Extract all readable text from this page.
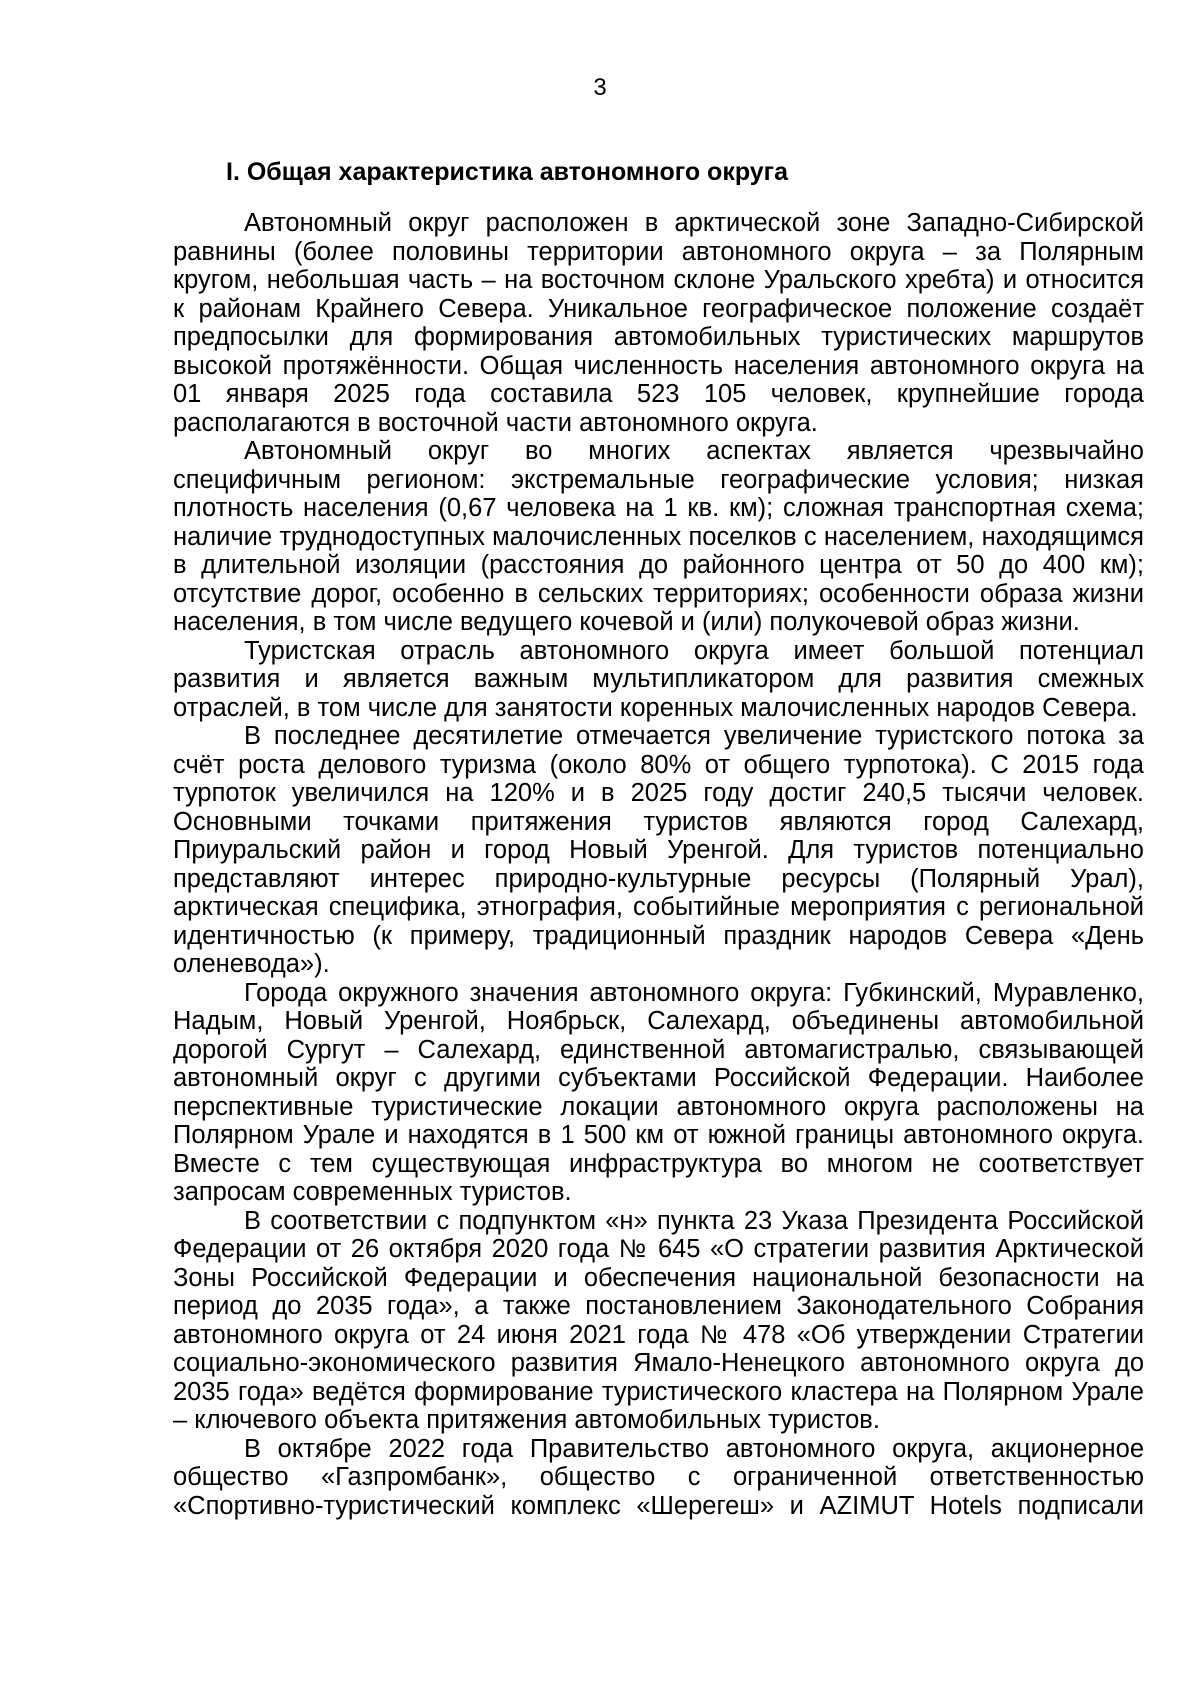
3
I. Общая характеристика автономного округа

Автономный округ расположен в арктической зоне Западно-Сибирской равнины (более половины территории автономного округа – за Полярным кругом, небольшая часть – на восточном склоне Уральского хребта) и относится к районам Крайнего Севера. Уникальное географическое положение создаёт предпосылки для формирования автомобильных туристических маршрутов высокой протяжённости. Общая численность населения автономного округа на 01 января 2025 года составила 523 105 человек, крупнейшие города располагаются в восточной части автономного округа.

Автономный округ во многих аспектах является чрезвычайно специфичным регионом: экстремальные географические условия; низкая плотность населения (0,67 человека на 1 кв. км); сложная транспортная схема; наличие труднодоступных малочисленных поселков с населением, находящимся в длительной изоляции (расстояния до районного центра от 50 до 400 км); отсутствие дорог, особенно в сельских территориях; особенности образа жизни населения, в том числе ведущего кочевой и (или) полукочевой образ жизни.

Туристская отрасль автономного округа имеет большой потенциал развития и является важным мультипликатором для развития смежных отраслей, в том числе для занятости коренных малочисленных народов Севера.

В последнее десятилетие отмечается увеличение туристского потока за счёт роста делового туризма (около 80% от общего турпотока). С 2015 года турпоток увеличился на 120% и в 2025 году достиг 240,5 тысячи человек. Основными точками притяжения туристов являются город Салехард, Приуральский район и город Новый Уренгой. Для туристов потенциально представляют интерес природно-культурные ресурсы (Полярный Урал), арктическая специфика, этнография, событийные мероприятия с региональной идентичностью (к примеру, традиционный праздник народов Севера «День оленевода»).

Города окружного значения автономного округа: Губкинский, Муравленко, Надым, Новый Уренгой, Ноябрьск, Салехард, объединены автомобильной дорогой Сургут – Салехард, единственной автомагистралью, связывающей автономный округ с другими субъектами Российской Федерации. Наиболее перспективные туристические локации автономного округа расположены на Полярном Урале и находятся в 1 500 км от южной границы автономного округа. Вместе с тем существующая инфраструктура во многом не соответствует запросам современных туристов.

В соответствии с подпунктом «н» пункта 23 Указа Президента Российской Федерации от 26 октября 2020 года № 645 «О стратегии развития Арктической Зоны Российской Федерации и обеспечения национальной безопасности на период до 2035 года», а также постановлением Законодательного Собрания автономного округа от 24 июня 2021 года № 478 «Об утверждении Стратегии социально-экономического развития Ямало-Ненецкого автономного округа до 2035 года» ведётся формирование туристического кластера на Полярном Урале – ключевого объекта притяжения автомобильных туристов.

В октябре 2022 года Правительство автономного округа, акционерное общество «Газпромбанк», общество с ограниченной ответственностью «Спортивно-туристический комплекс «Шерегеш» и AZIMUT Hotels подписали
